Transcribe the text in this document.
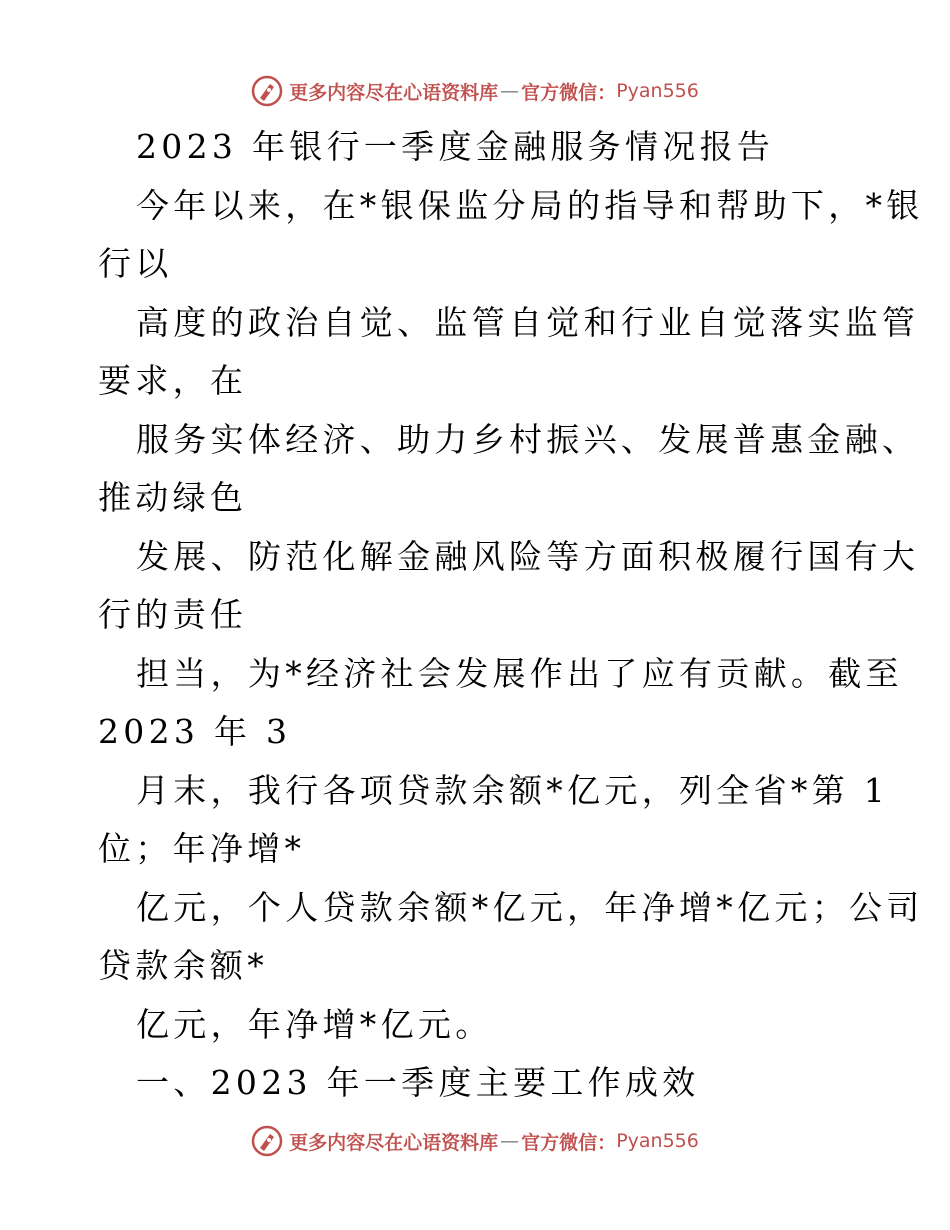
更多内容尽在心语资料库 — 官方微信： Pyan556
2023 年银行一季度金融服务情况报告
今年以来，在*银保监分局的指导和帮助下，*银
行以
高度的政治自觉、监管自觉和行业自觉落实监管
要求，在
服务实体经济、助力乡村振兴、发展普惠金融、
推动绿色
发展、防范化解金融风险等方面积极履行国有大
行的责任
担当，为*经济社会发展作出了应有贡献。截至
2023 年 3
月末，我行各项贷款余额*亿元，列全省*第 1
位；年净增*
亿元，个人贷款余额*亿元，年净增*亿元；公司
贷款余额*
亿元，年净增*亿元。
一、2023 年一季度主要工作成效
更多内容尽在心语资料库 — 官方微信： Pyan556
